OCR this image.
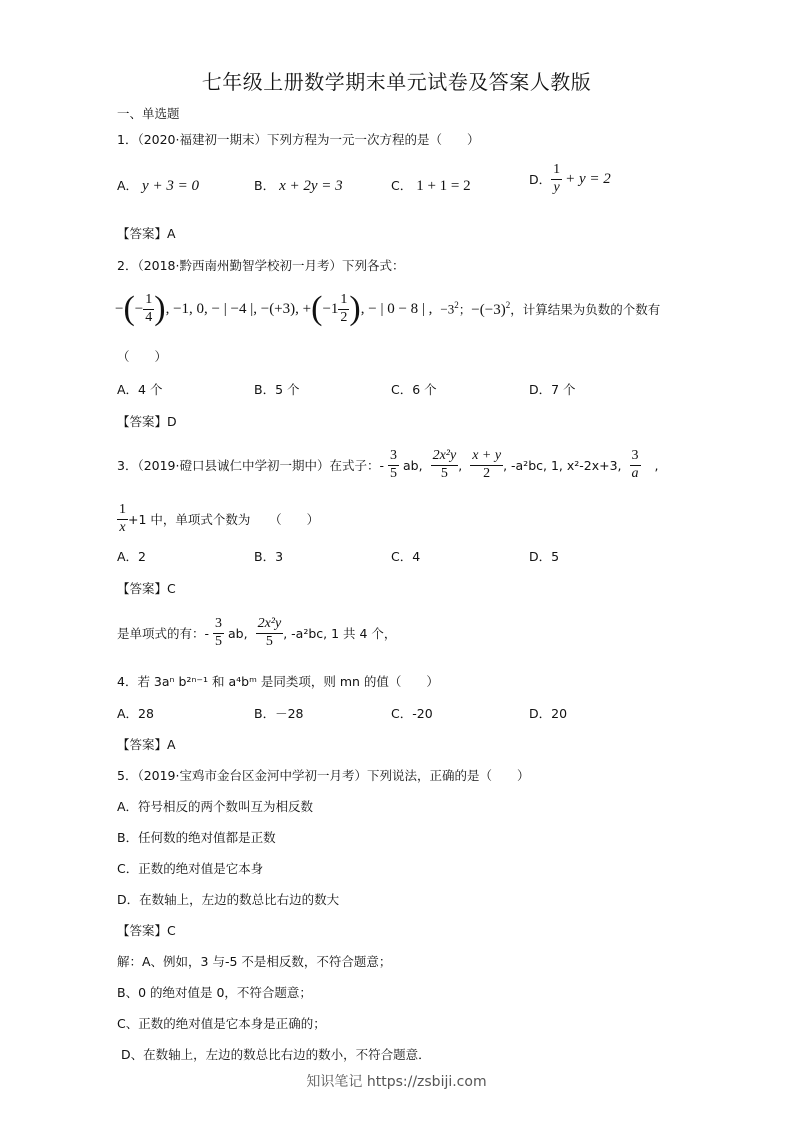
七年级上册数学期末单元试卷及答案人教版
一、单选题
1．（2020·福建初一期末）下列方程为一元一次方程的是（　　）
A． y + 3 = 0	B． x + 2y = 3	C． 1 + 1 = 2	D． $\frac{1}{y} + y = 2$
【答案】A
2．（2018·黔西南州勤智学校初一月考）下列各式：
− ( − $\frac{1}{4}$ ) , −1, 0, − | −4 |, −(+3), + ( $-1 \frac{1}{2}$ ) , − | 0 − 8 | , $-3^2$ ； $-(-3)^2$ ，计算结果为负数的个数有
（　　）
A．4 个	B．5 个	C．6 个	D．7 个
【答案】D
3．（2019·磴口县诚仁中学初一期中）在式子：- $\frac{3}{5}$ ab, $\frac{\text{2x²y}}{5}$ , $\frac{x + y}{2}$ , -a²bc, 1, x²-2x+3, $\frac{3}{a}$ ,
$\frac{1}{x} +1$ 中，单项式个数为　　（　　）
A．2	B．3	C．4	D．5
【答案】C
是单项式的有：- $\frac{3}{5}$ ab, $\frac{\text{2x²y}}{5}$ , -a²bc, 1 共 4 个，
4．若 3aⁿ b²ⁿ⁻¹ 和 a⁴bᵐ 是同类项，则 mn 的值（　　）
A．28	B．－28	C．-20	D．20
【答案】A
5．（2019·宝鸡市金台区金河中学初一月考）下列说法，正确的是（　　）
A．符号相反的两个数叫互为相反数
B．任何数的绝对值都是正数
C．正数的绝对值是它本身
D．在数轴上，左边的数总比右边的数大
【答案】C
解：A、例如，3 与-5 不是相反数，不符合题意；
B、0 的绝对值是 0，不符合题意；
C、正数的绝对值是它本身是正确的；
D、在数轴上，左边的数总比右边的数小，不符合题意．
知识笔记 https://zsbiji.com
